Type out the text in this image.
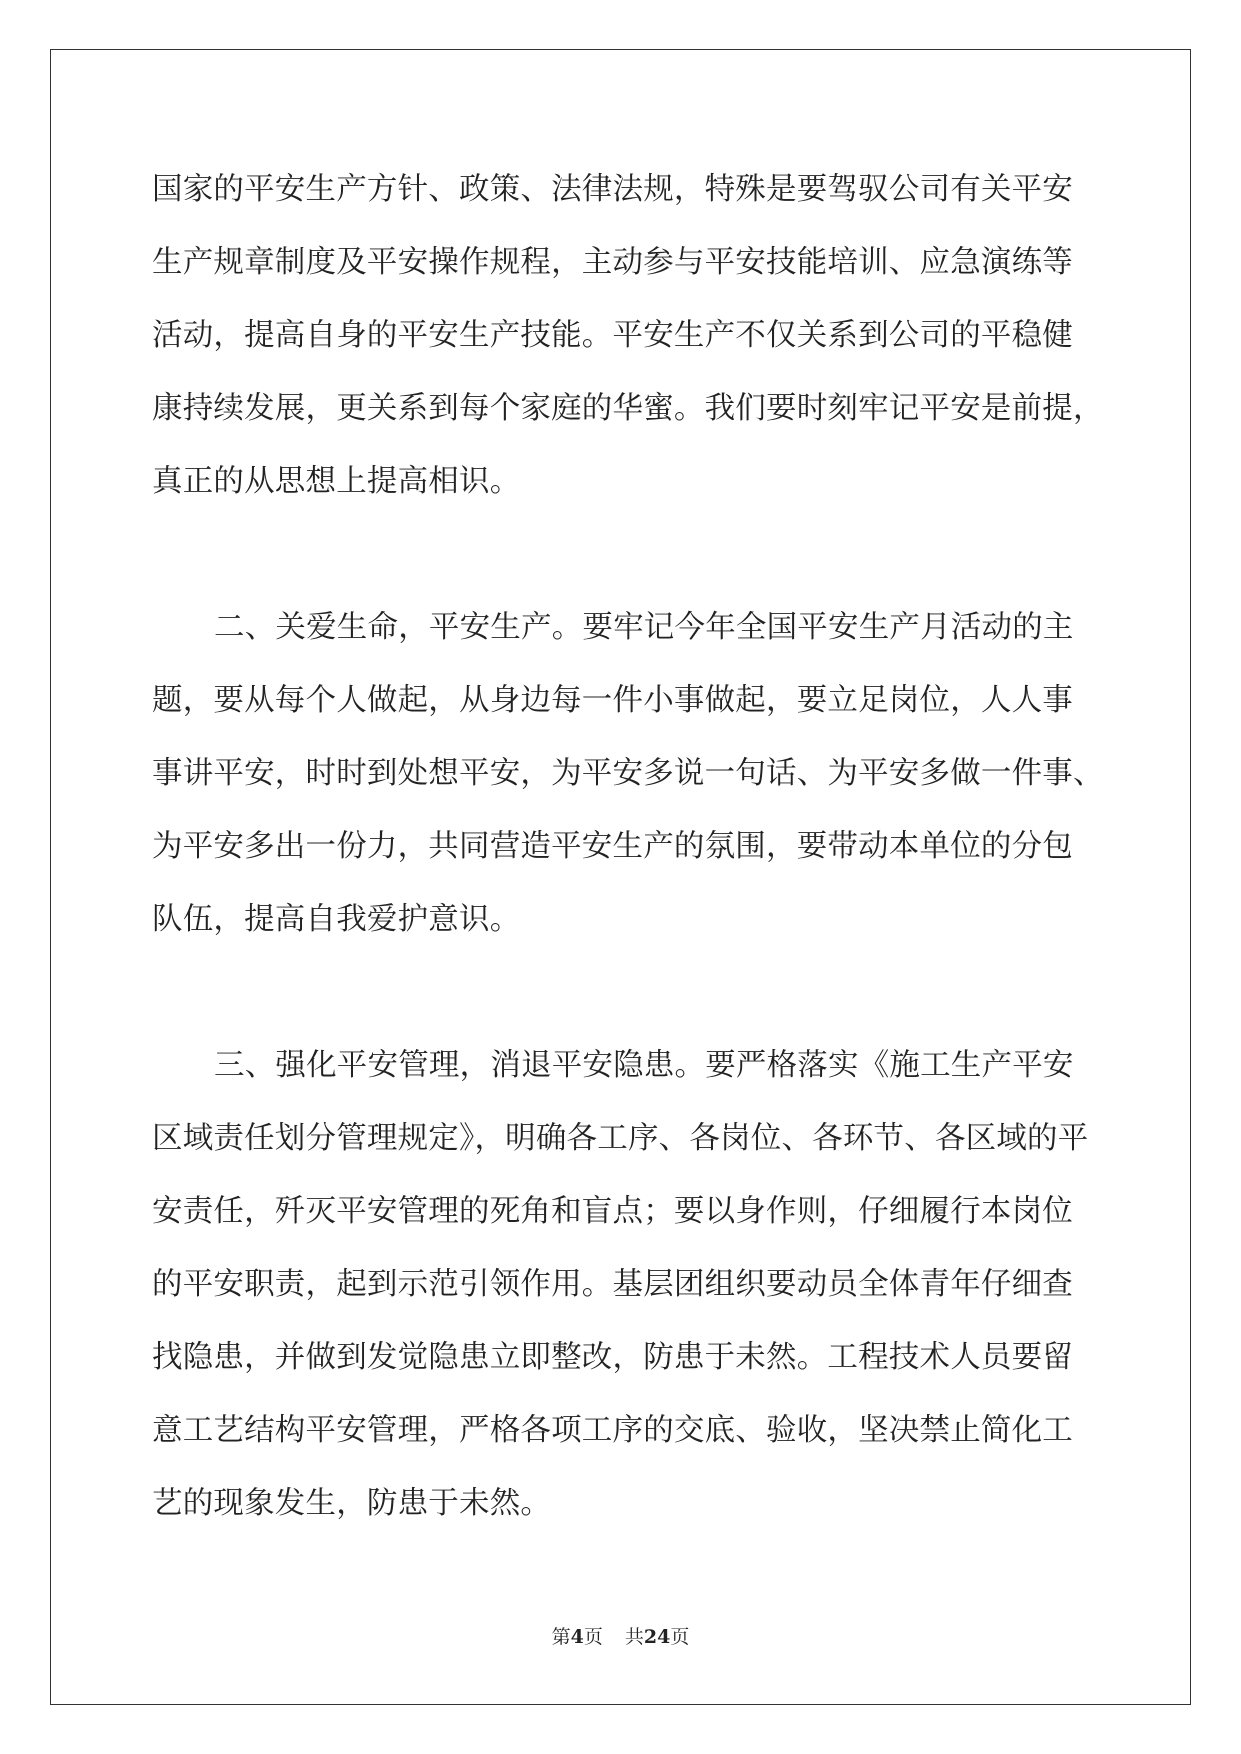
国家的平安生产方针、政策、法律法规，特殊是要驾驭公司有关平安
生产规章制度及平安操作规程，主动参与平安技能培训、应急演练等
活动，提高自身的平安生产技能。平安生产不仅关系到公司的平稳健
康持续发展，更关系到每个家庭的华蜜。我们要时刻牢记平安是前提，
真正的从思想上提高相识。
二、关爱生命，平安生产。要牢记今年全国平安生产月活动的主
题，要从每个人做起，从身边每一件小事做起，要立足岗位，人人事
事讲平安，时时到处想平安，为平安多说一句话、为平安多做一件事、
为平安多出一份力，共同营造平安生产的氛围，要带动本单位的分包
队伍，提高自我爱护意识。
三、强化平安管理，消退平安隐患。要严格落实《施工生产平安
区域责任划分管理规定》，明确各工序、各岗位、各环节、各区域的平
安责任，歼灭平安管理的死角和盲点；要以身作则，仔细履行本岗位
的平安职责，起到示范引领作用。基层团组织要动员全体青年仔细查
找隐患，并做到发觉隐患立即整改，防患于未然。工程技术人员要留
意工艺结构平安管理，严格各项工序的交底、验收，坚决禁止简化工
艺的现象发生，防患于未然。
第4页 共24页
